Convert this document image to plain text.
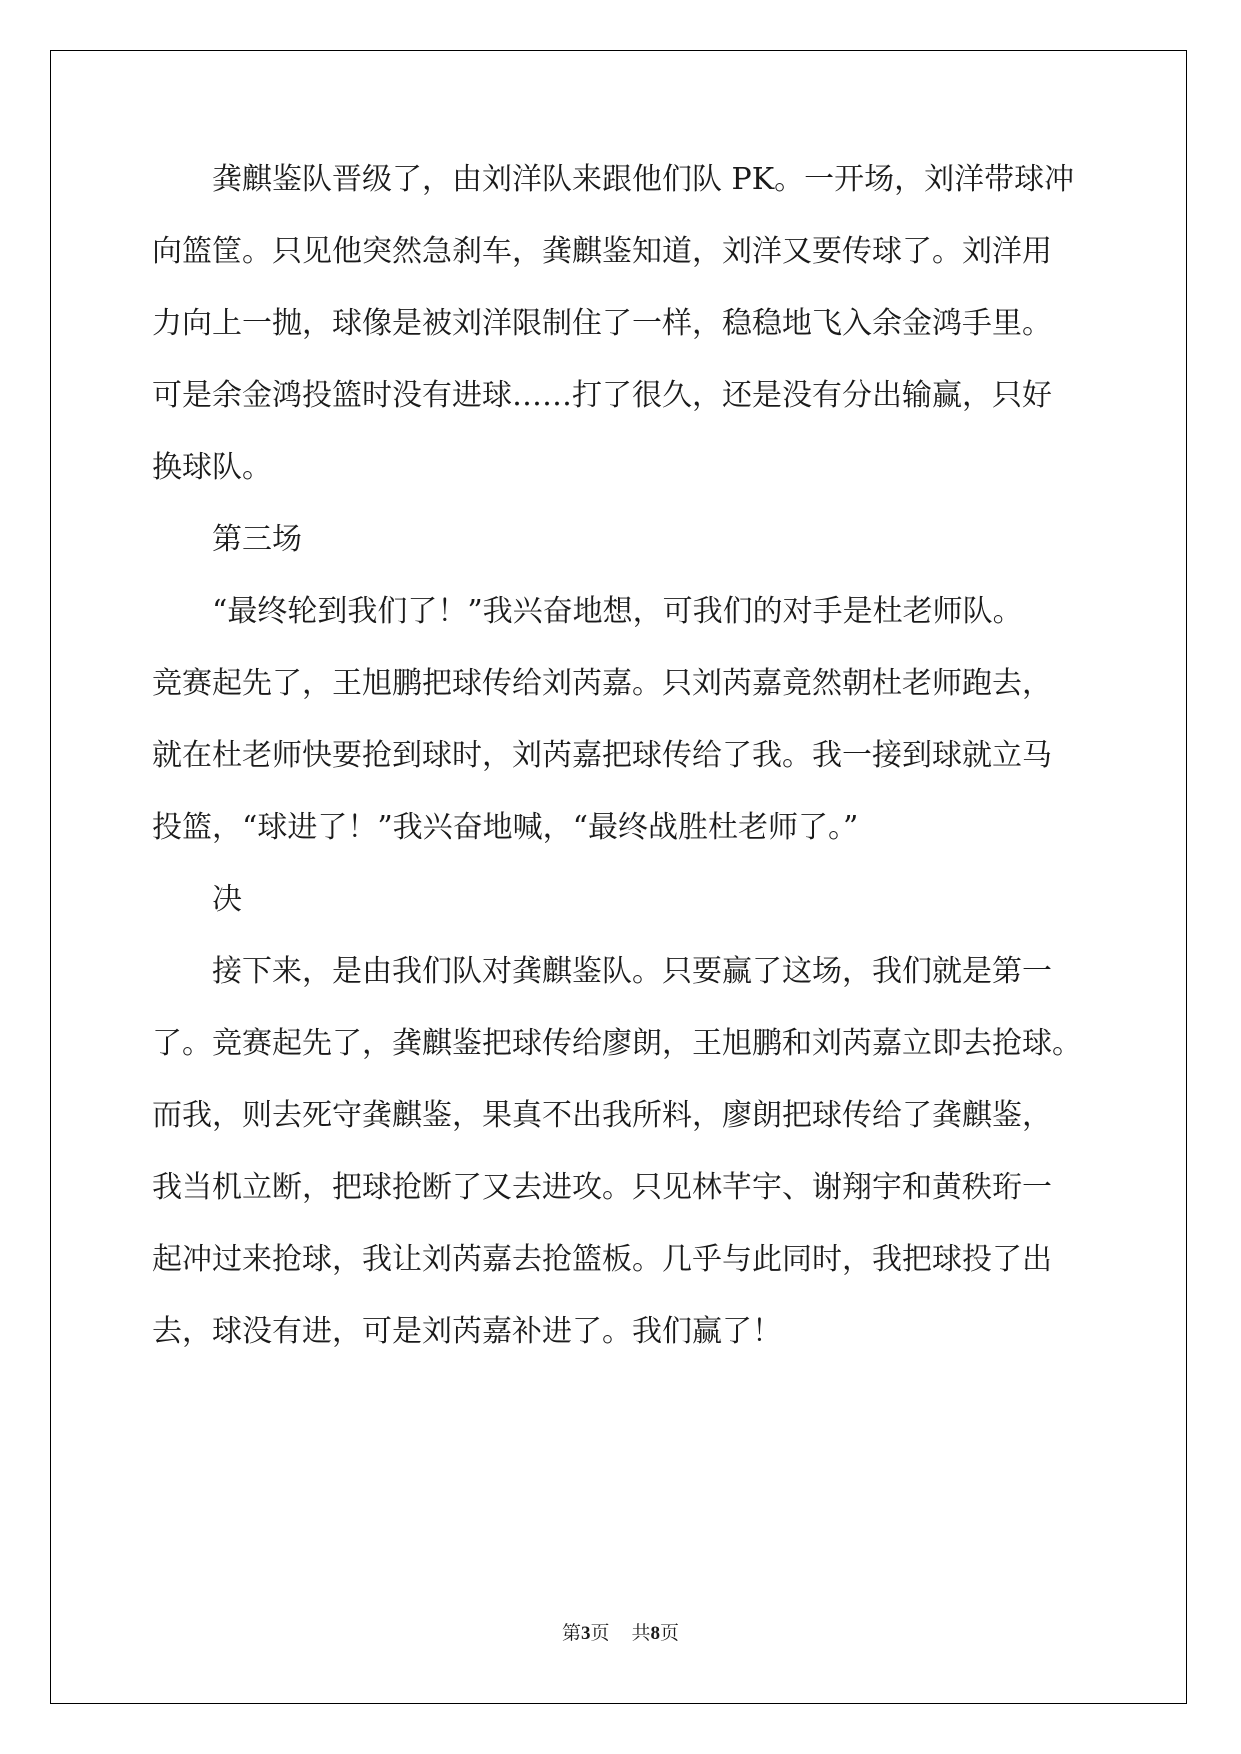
龚麒鉴队晋级了，由刘洋队来跟他们队 PK。一开场，刘洋带球冲
向篮筐。只见他突然急刹车，龚麒鉴知道，刘洋又要传球了。刘洋用
力向上一抛，球像是被刘洋限制住了一样，稳稳地飞入余金鸿手里。
可是余金鸿投篮时没有进球……打了很久，还是没有分出输赢，只好
换球队。
第三场
“最终轮到我们了！”我兴奋地想，可我们的对手是杜老师队。
竞赛起先了，王旭鹏把球传给刘芮嘉。只刘芮嘉竟然朝杜老师跑去，
就在杜老师快要抢到球时，刘芮嘉把球传给了我。我一接到球就立马
投篮，“球进了！”我兴奋地喊，“最终战胜杜老师了。”
决
接下来，是由我们队对龚麒鉴队。只要赢了这场，我们就是第一
了。竞赛起先了，龚麒鉴把球传给廖朗，王旭鹏和刘芮嘉立即去抢球。
而我，则去死守龚麒鉴，果真不出我所料，廖朗把球传给了龚麒鉴，
我当机立断，把球抢断了又去进攻。只见林芊宇、谢翔宇和黄秩珩一
起冲过来抢球，我让刘芮嘉去抢篮板。几乎与此同时，我把球投了出
去，球没有进，可是刘芮嘉补进了。我们赢了！
第3页 共8页
